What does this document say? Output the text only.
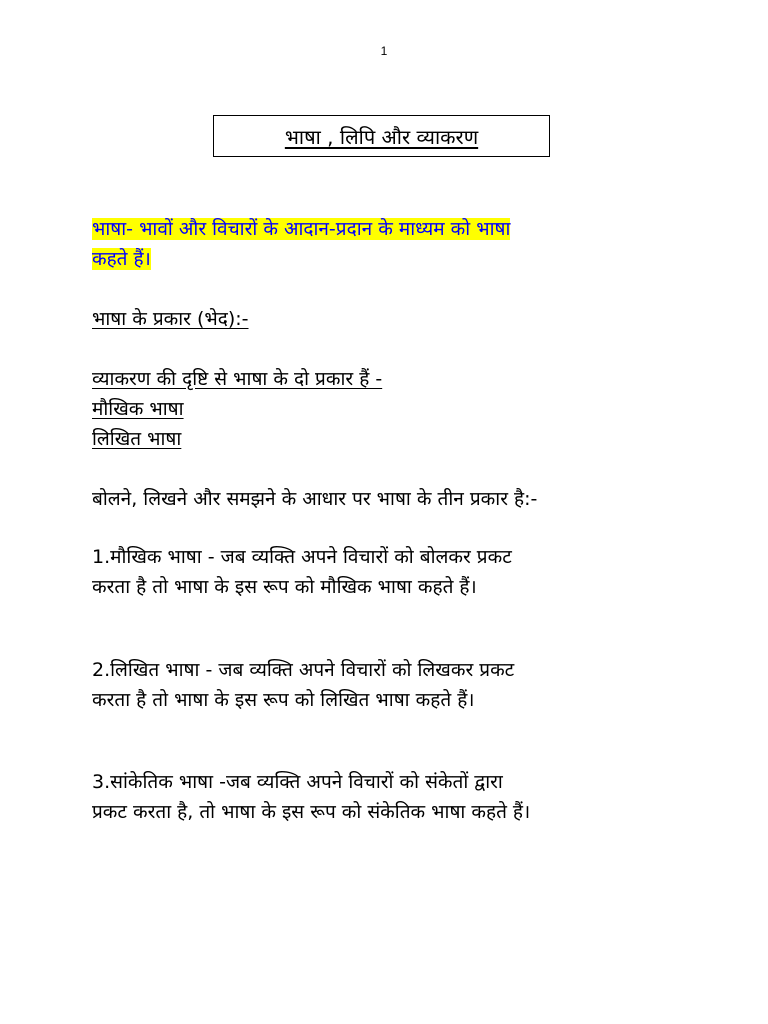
1
भाषा , लिपि और व्याकरण
भाषा- भावों और विचारों के आदान-प्रदान के माध्यम को भाषा
कहते हैं।
भाषा के प्रकार (भेद):-
व्याकरण की दृष्टि से भाषा के दो प्रकार हैं -
मौखिक भाषा
लिखित भाषा
बोलने, लिखने और समझने के आधार पर भाषा के तीन प्रकार है:-
1.मौखिक भाषा - जब व्यक्ति अपने विचारों को बोलकर प्रकट
करता है तो भाषा के इस रूप को मौखिक भाषा कहते हैं।
2.लिखित भाषा - जब व्यक्ति अपने विचारों को लिखकर प्रकट
करता है तो भाषा के इस रूप को लिखित भाषा कहते हैं।
3.सांकेतिक भाषा -जब व्यक्ति अपने विचारों को संकेतों द्वारा
प्रकट करता है, तो भाषा के इस रूप को संकेतिक भाषा कहते हैं।
